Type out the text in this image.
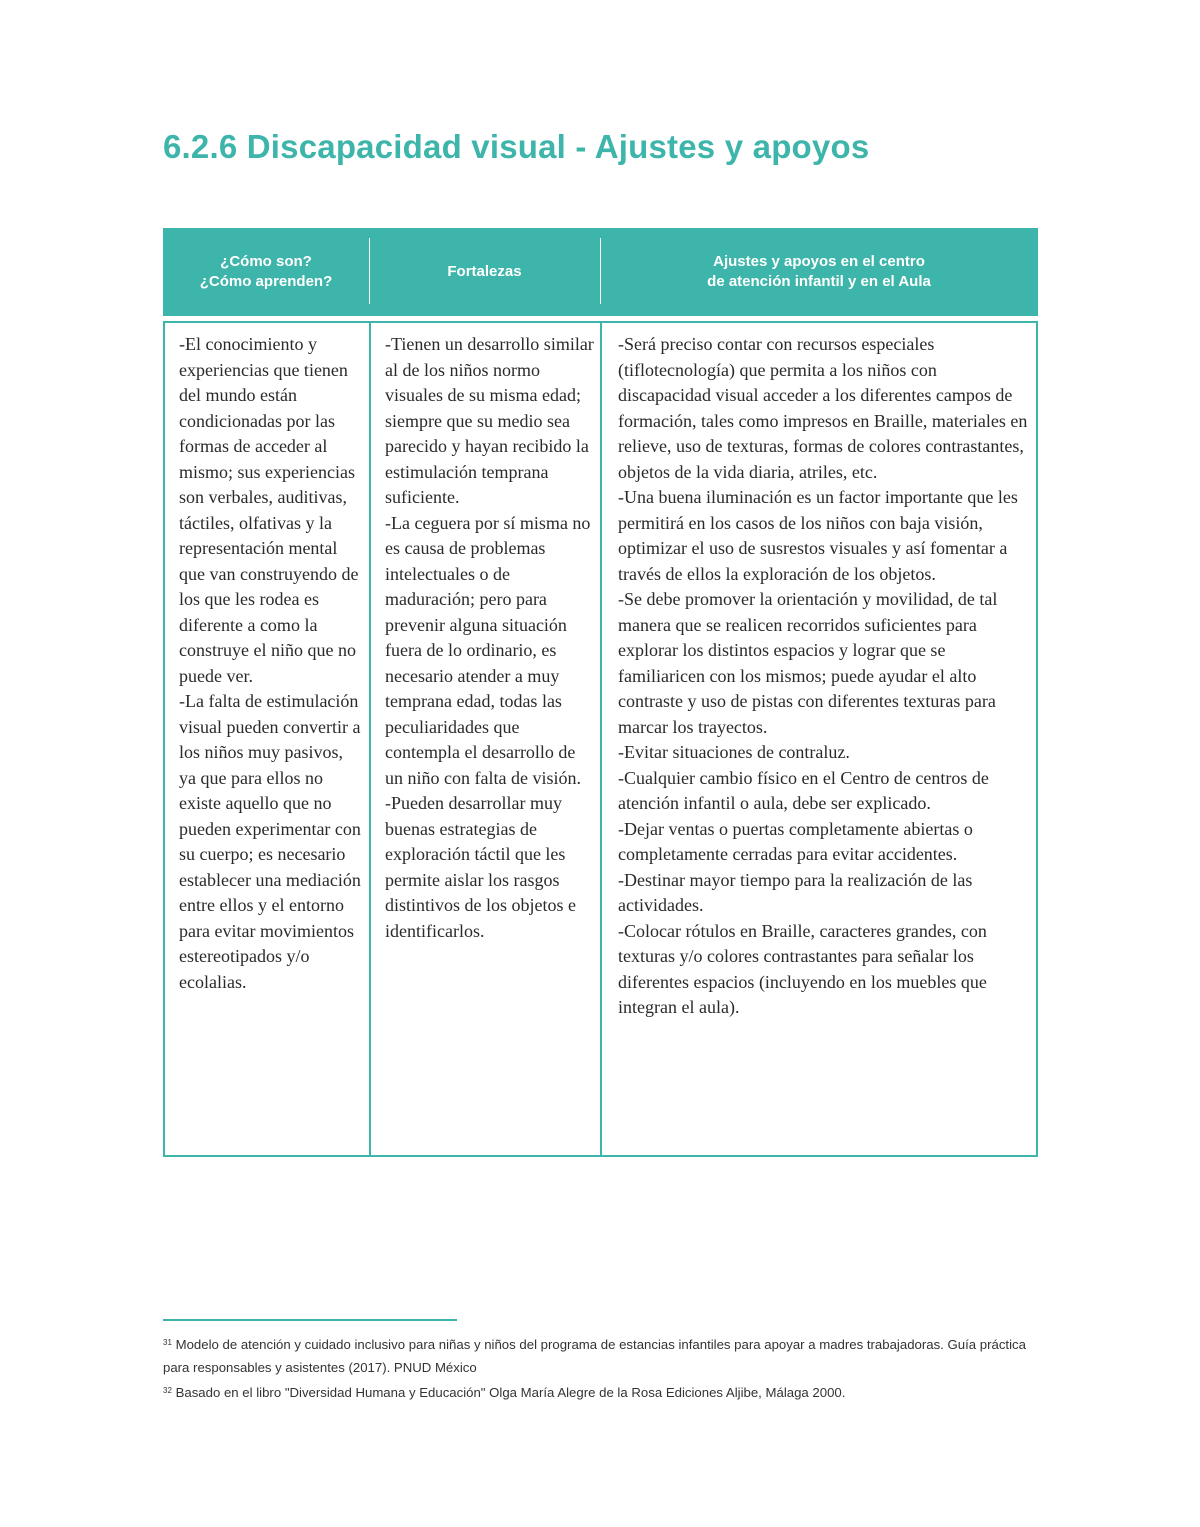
6.2.6 Discapacidad visual - Ajustes y apoyos
¿Cómo son?
¿Cómo aprenden?
Fortalezas
Ajustes y apoyos en el centro
de atención infantil y en el Aula
-El conocimiento y experiencias que tienen del mundo están condicionadas por las formas de acceder al mismo; sus experiencias son verbales, auditivas, táctiles, olfativas y la representación mental que van construyendo de los que les rodea es diferente a como la construye el niño que no puede ver.
-La falta de estimulación visual pueden convertir a los niños muy pasivos, ya que para ellos no existe aquello que no pueden experimentar con su cuerpo; es necesario establecer una mediación entre ellos y el entorno para evitar movimientos estereotipados y/o ecolalias.
-Tienen un desarrollo similar al de los niños normo visuales de su misma edad; siempre que su medio sea parecido y hayan recibido la estimulación temprana suficiente.
-La ceguera por sí misma no es causa de problemas intelectuales o de maduración; pero para prevenir alguna situación fuera de lo ordinario, es necesario atender a muy temprana edad, todas las peculiaridades que contempla el desarrollo de un niño con falta de visión.
-Pueden desarrollar muy buenas estrategias de exploración táctil que les permite aislar los rasgos distintivos de los objetos e identificarlos.
-Será preciso contar con recursos especiales (tiflotecnología) que permita a los niños con discapacidad visual acceder a los diferentes campos de formación, tales como impresos en Braille, materiales en relieve, uso de texturas, formas de colores contrastantes, objetos de la vida diaria, atriles, etc.
-Una buena iluminación es un factor importante que les permitirá en los casos de los niños con baja visión, optimizar el uso de susrestos visuales y así fomentar a través de ellos la exploración de los objetos.
-Se debe promover la orientación y movilidad, de tal manera que se realicen recorridos suficientes para explorar los distintos espacios y lograr que se familiaricen con los mismos; puede ayudar el alto contraste y uso de pistas con diferentes texturas para marcar los trayectos.
-Evitar situaciones de contraluz.
-Cualquier cambio físico en el Centro de centros de atención infantil o aula, debe ser explicado.
-Dejar ventas o puertas completamente abiertas o completamente cerradas para evitar accidentes.
-Destinar mayor tiempo para la realización de las actividades.
-Colocar rótulos en Braille, caracteres grandes, con texturas y/o colores contrastantes para señalar los diferentes espacios (incluyendo en los muebles que integran el aula).
$^{31}$ Modelo de atención y cuidado inclusivo para niñas y niños del programa de estancias infantiles para apoyar a madres trabajadoras. Guía práctica para responsables y asistentes (2017). PNUD México
$^{32}$ Basado en el libro "Diversidad Humana y Educación" Olga María Alegre de la Rosa Ediciones Aljibe, Málaga 2000.
